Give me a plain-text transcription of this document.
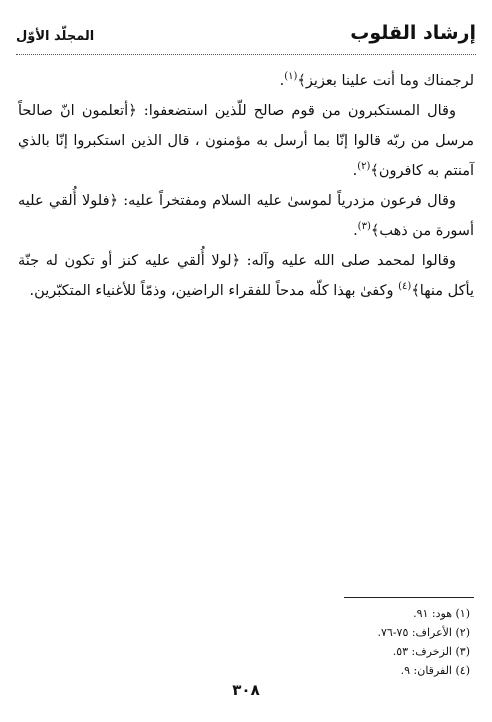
إرشاد القلوب
المجلّد الأوّل

لرجمناك وما أنت علينا بعزيز﴾$^{(١)}$.

وقال المستكبرون من قوم صالح للّذين استضعفوا: ﴿أتعلمون انّ صالحاً مرسل من ربّه قالوا إنّا بما أرسل به مؤمنون ، قال الذين استكبروا إنّا بالذي آمنتم به كافرون﴾$^{(٢)}$.

وقال فرعون مزدرياً لموسىٰ عليه السلام ومفتخراً عليه: ﴿فلولا أُلقي عليه أسورة من ذهب﴾$^{(٣)}$.

وقالوا لمحمد صلى الله عليه وآله: ﴿لولا أُلقي عليه كنز أو تكون له جنّة يأكل منها﴾$^{(٤)}$ وكفىٰ بهذا كلّه مدحاً للفقراء الراضين، وذمّاً للأغنياء المتكبّرين.

(١) هود: ٩١.
(٢) الأعراف: ٧٥-٧٦.
(٣) الزخرف: ٥٣.
(٤) الفرقان: ٩.
٣٠٨
